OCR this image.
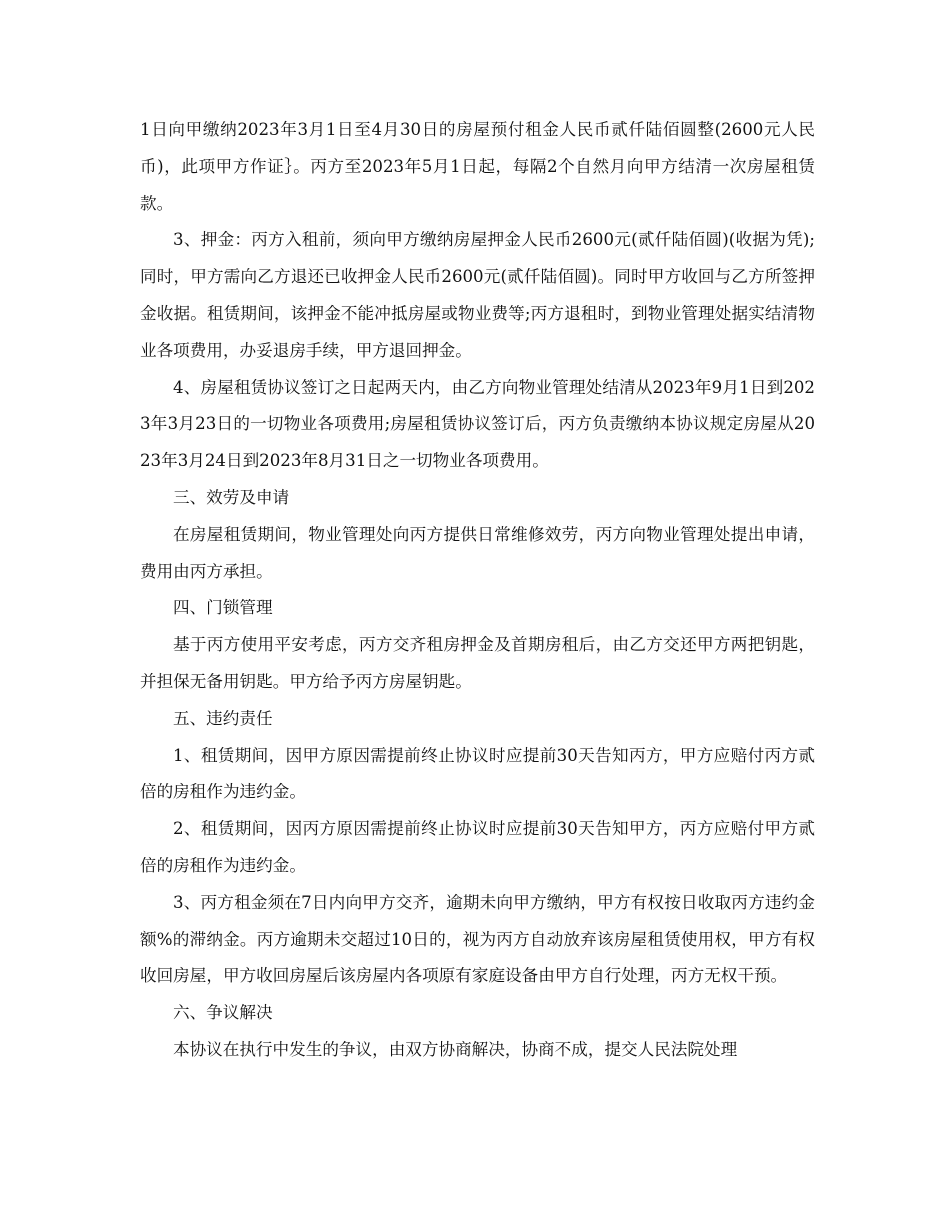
1日向甲缴纳2023年3月1日至4月30日的房屋预付租金人民币贰仟陆佰圆整(2600元人民币)，此项甲方作证｝。丙方至2023年5月1日起，每隔2个自然月向甲方结清一次房屋租赁款。

3、押金：丙方入租前，须向甲方缴纳房屋押金人民币2600元(贰仟陆佰圆)(收据为凭);同时，甲方需向乙方退还已收押金人民币2600元(贰仟陆佰圆)。同时甲方收回与乙方所签押金收据。租赁期间，该押金不能冲抵房屋或物业费等;丙方退租时，到物业管理处据实结清物业各项费用，办妥退房手续，甲方退回押金。

4、房屋租赁协议签订之日起两天内，由乙方向物业管理处结清从2023年9月1日到2023年3月23日的一切物业各项费用;房屋租赁协议签订后，丙方负责缴纳本协议规定房屋从2023年3月24日到2023年8月31日之一切物业各项费用。

三、效劳及申请

在房屋租赁期间，物业管理处向丙方提供日常维修效劳，丙方向物业管理处提出申请，费用由丙方承担。

四、门锁管理

基于丙方使用平安考虑，丙方交齐租房押金及首期房租后，由乙方交还甲方两把钥匙，并担保无备用钥匙。甲方给予丙方房屋钥匙。

五、违约责任

1、租赁期间，因甲方原因需提前终止协议时应提前30天告知丙方，甲方应赔付丙方贰倍的房租作为违约金。

2、租赁期间，因丙方原因需提前终止协议时应提前30天告知甲方，丙方应赔付甲方贰倍的房租作为违约金。

3、丙方租金须在7日内向甲方交齐，逾期未向甲方缴纳，甲方有权按日收取丙方违约金额%的滞纳金。丙方逾期未交超过10日的，视为丙方自动放弃该房屋租赁使用权，甲方有权收回房屋，甲方收回房屋后该房屋内各项原有家庭设备由甲方自行处理，丙方无权干预。

六、争议解决

本协议在执行中发生的争议，由双方协商解决，协商不成，提交人民法院处理
